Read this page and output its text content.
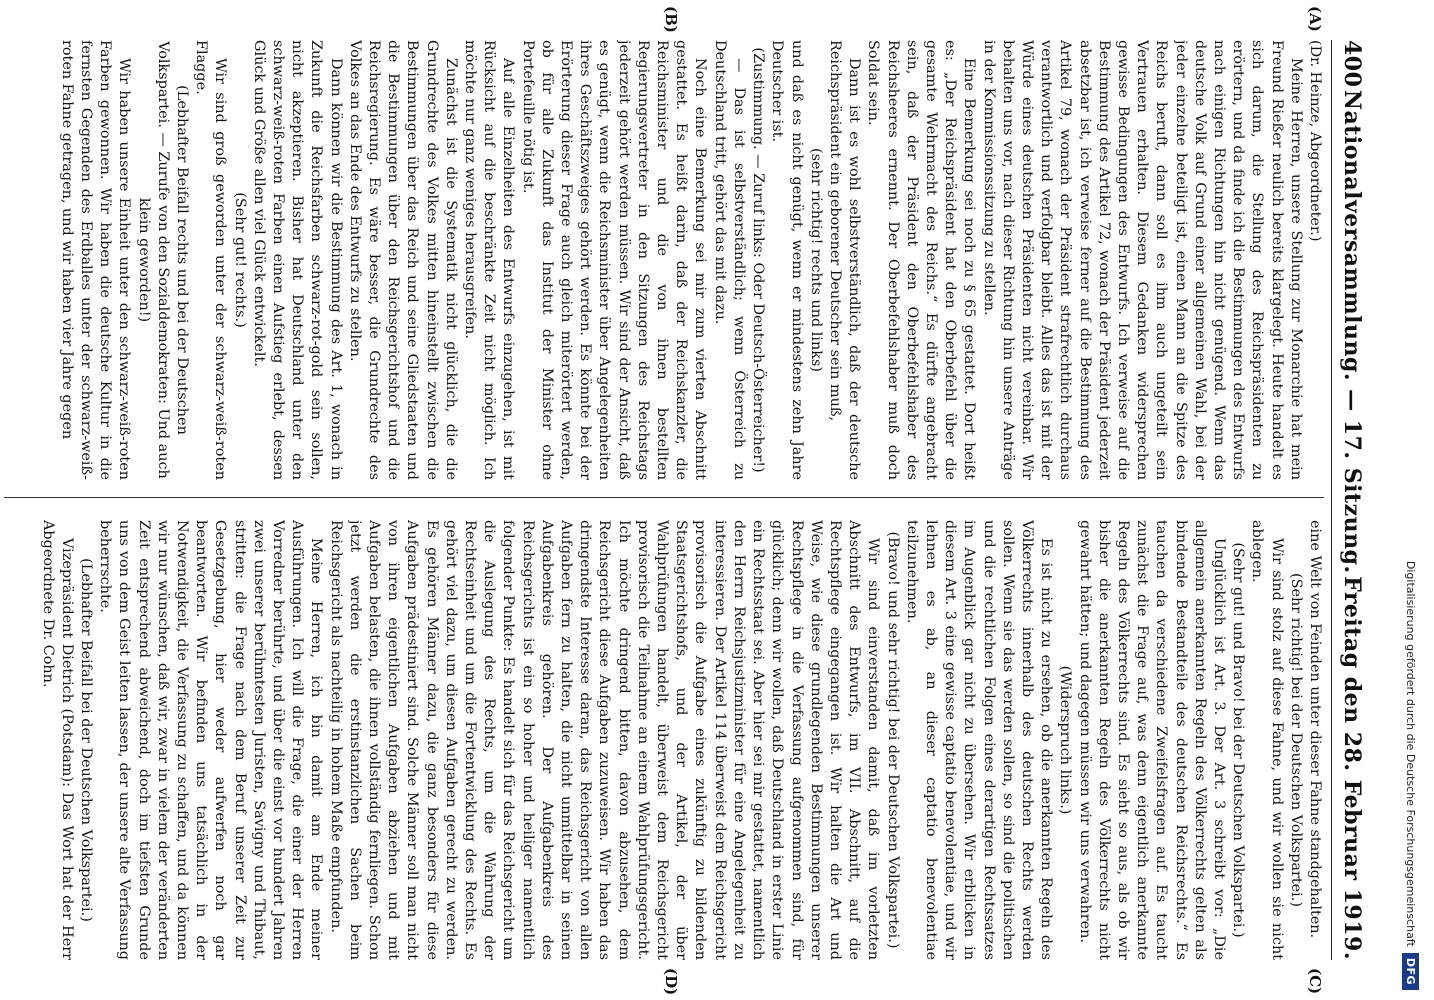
400
Nationalversammlung. — 17. Sitzung.
Freitag den 28. Februar 1919.
(A)
(B)
(C)
(D)

(Dr. Heinze, Abgeordneter.)

Meine Herren, unsere Stellung zur Monarchie hat mein Freund Rießer neulich bereits klargelegt. Heute handelt es sich darum, die Stellung des Reichspräsidenten zu erörtern, und da finde ich die Bestimmungen des Entwurfs nach einigen Richtungen hin nicht genügend. Wenn das deutsche Volk auf Grund einer allgemeinen Wahl, bei der jeder einzelne beteiligt ist, einen Mann an die Spitze des Reichs beruft, dann soll es ihm auch ungeteilt sein Vertrauen erhalten. Diesem Gedanken widersprechen gewisse Bedingungen des Entwurfs. Ich verweise auf die Bestimmung des Artikel 72, wonach der Präsident jederzeit absetzbar ist, ich verweise ferner auf die Bestimmung des Artikel 79, wonach der Präsident strafrechtlich durchaus verantwortlich und verfolgbar bleibt. Alles das ist mit der Würde eines deutschen Präsidenten nicht vereinbar. Wir behalten uns vor, nach dieser Richtung hin unsere Anträge in der Kommissionssitzung zu stellen.

Eine Bemerkung sei noch zu § 65 gestattet. Dort heißt es: „Der Reichspräsident hat den Oberbefehl über die gesamte Wehrmacht des Reichs.“ Es dürfte angebracht sein, daß der Präsident den Oberbefehlshaber des Reichsheeres ernennt. Der Oberbefehlshaber muß doch Soldat sein.

Dann ist es wohl selbstverständlich, daß der deutsche Reichspräsident ein geborener Deutscher sein muß,

(sehr richtig! rechts und links)

und daß es nicht genügt, wenn er mindestens zehn Jahre Deutscher ist.

(Zustimmung. — Zuruf links: Oder Deutsch-Österreicher!)

— Das ist selbstverständlich; wenn Österreich zu Deutschland tritt, gehört das mit dazu.

Noch eine Bemerkung sei mir zum vierten Abschnitt gestattet. Es heißt darin, daß der Reichskanzler, die Reichsminister und die von ihnen bestellten Regierungsvertreter in den Sitzungen des Reichstags jederzeit gehört werden müssen. Wir sind der Ansicht, daß es genügt, wenn die Reichsminister über Angelegenheiten ihres Geschäftszweiges gehört werden. Es könnte bei der Erörterung dieser Frage auch gleich miterörtert werden, ob für alle Zukunft das Institut der Minister ohne Portefeuille nötig ist.

Auf alle Einzelheiten des Entwurfs einzugehen, ist mit Rücksicht auf die beschränkte Zeit nicht möglich. Ich möchte nur ganz weniges herausgreifen.

Zunächst ist die Systematik nicht glücklich, die die Grundrechte des Volkes mitten hineinstellt zwischen die Bestimmungen über das Reich und seine Gliedstaaten und die Bestimmungen über den Reichsgerichtshof und die Reichsregierung. Es wäre besser, die Grundrechte des Volkes an das Ende des Entwurfs zu stellen.

Dann können wir die Bestimmung des Art. 1, wonach in Zukunft die Reichsfarben schwarz-rot-gold sein sollen, nicht akzeptieren. Bisher hat Deutschland unter den schwarz-weiß-roten Farben einen Aufstieg erlebt, dessen Glück und Größe allen viel Glück entwickelt.

(Sehr gut! rechts.)

Wir sind groß geworden unter der schwarz-weiß-roten Flagge.

(Lebhafter Beifall rechts und bei der Deutschen Volkspartei. — Zurufe von den Sozialdemokraten: Und auch klein geworden!)

Wir haben unsere Einheit unter den schwarz-weiß-roten Farben gewonnen. Wir haben die deutsche Kultur in die fernsten Gegenden des Erdballes unter der schwarz-weiß-roten Fahne getragen, und wir haben vier Jahre gegen

eine Welt von Feinden unter dieser Fahne standgehalten.

(Sehr richtig! bei der Deutschen Volkspartei.)

Wir sind stolz auf diese Fahne, und wir wollen sie nicht ablegen.

(Sehr gut! und Bravo! bei der Deutschen Volkspartei.)

Unglücklich ist Art. 3. Der Art. 3 schreibt vor: „Die allgemein anerkannten Regeln des Völkerrechts gelten als bindende Bestandteile des deutschen Reichsrechts.“ Es tauchen da verschiedene Zweifelsfragen auf. Es taucht zunächst die Frage auf, was denn eigentlich anerkannte Regeln des Völkerrechts sind. Es sieht so aus, als ob wir bisher die anerkannten Regeln des Völkerrechts nicht gewahrt hätten; und dagegen müssen wir uns verwahren.

(Widerspruch links.)

Es ist nicht zu ersehen, ob die anerkannten Regeln des Völkerrechts innerhalb des deutschen Rechts werden sollen. Wenn sie das werden sollen, so sind die politischen und die rechtlichen Folgen eines derartigen Rechtssatzes im Augenblick gar nicht zu übersehen. Wir erblicken in diesem Art. 3 eine gewisse captatio benevolentiae, und wir lehnen es ab, an dieser captatio benevolentiae teilzunehmen.

(Bravo! und sehr richtig! bei der Deutschen Volkspartei.)

Wir sind einverstanden damit, daß im vorletzten Abschnitt des Entwurfs, im VII. Abschnitt, auf die Rechtspflege eingegangen ist. Wir halten die Art und Weise, wie diese grundlegenden Bestimmungen unserer Rechtspflege in die Verfassung aufgenommen sind, für glücklich; denn wir wollen, daß Deutschland in erster Linie ein Rechtsstaat sei. Aber hier sei mir gestattet, namentlich den Herrn Reichsjustizminister für eine Angelegenheit zu interessieren. Der Artikel 114 überweist dem Reichsgericht provisorisch die Aufgabe eines zukünftig zu bildenden Staatsgerichtshofs, und der Artikel, der über Wahlprüfungen handelt, überweist dem Reichsgericht provisorisch die Teilnahme an einem Wahlprüfungsgericht. Ich möchte dringend bitten, davon abzusehen, dem Reichsgericht diese Aufgaben zuzuweisen. Wir haben das dringendste Interesse daran, das Reichsgericht von allen Aufgaben fern zu halten, die nicht unmittelbar in seinen Aufgabenkreis gehören. Der Aufgabenkreis des Reichsgerichts ist ein so hoher und heiliger namentlich folgender Punkte: Es handelt sich für das Reichsgericht um die Auslegung des Rechts, um die Wahrung der Rechtseinheit und um die Fortentwicklung des Rechts. Es gehört viel dazu, um diesen Aufgaben gerecht zu werden. Es gehören Männer dazu, die ganz besonders für diese Aufgaben prädestiniert sind. Solche Männer soll man nicht von ihren eigentlichen Aufgaben abziehen und mit Aufgaben belasten, die ihnen vollständig fernliegen. Schon jetzt werden die erstinstanzlichen Sachen beim Reichsgericht als nachteilig in hohem Maße empfunden.

Meine Herren, ich bin damit am Ende meiner Ausführungen. Ich will die Frage, die einer der Herren Vorredner berührte, und über die einst vor hundert Jahren zwei unserer berühmtesten Juristen, Savigny und Thibaut, stritten: die Frage nach dem Beruf unserer Zeit zur Gesetzgebung, hier weder aufwerfen noch gar beantworten. Wir befinden uns tatsächlich in der Notwendigkeit, die Verfassung zu schaffen, und da können wir nur wünschen, daß wir, zwar in vielem der veränderten Zeit entsprechend abweichend, doch im tiefsten Grunde uns von dem Geist leiten lassen, der unsere alte Verfassung beherrschte.

(Lebhafter Beifall bei der Deutschen Volkspartei.)

Vizepräsident Dietrich (Potsdam): Das Wort hat der Herr Abgeordnete Dr. Cohn.	Digitalisierung gefördert durch die Deutsche Forschungsgemeinschaft
DFG
